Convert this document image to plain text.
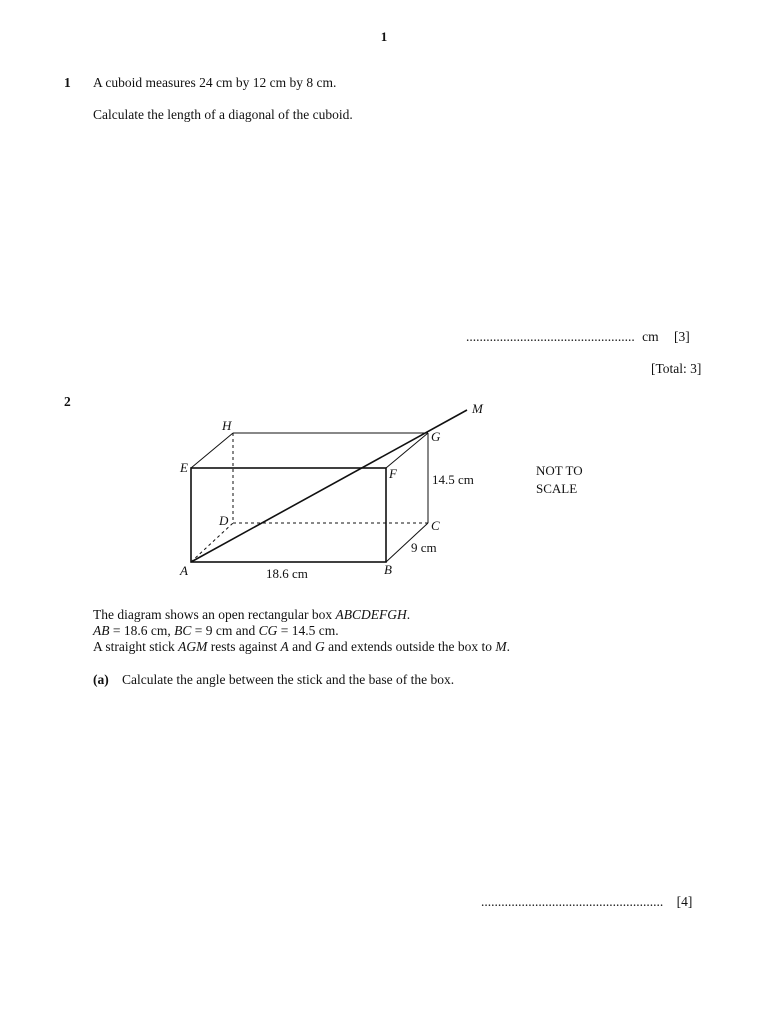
1
1 A cuboid measures 24 cm by 12 cm by 8 cm.
Calculate the length of a diagonal of the cuboid.
.................................................. cm [3]
[Total: 3]
2
H
G
M
E	F
D	C
A	B
14.5 cm
9 cm
18.6 cm
NOT TO
SCALE
The diagram shows an open rectangular box ABCDEFGH.
AB = 18.6 cm, BC = 9 cm and CG = 14.5 cm.
A straight stick AGM rests against A and G and extends outside the box to M.
(a) Calculate the angle between the stick and the base of the box.
...................................................... [4]
